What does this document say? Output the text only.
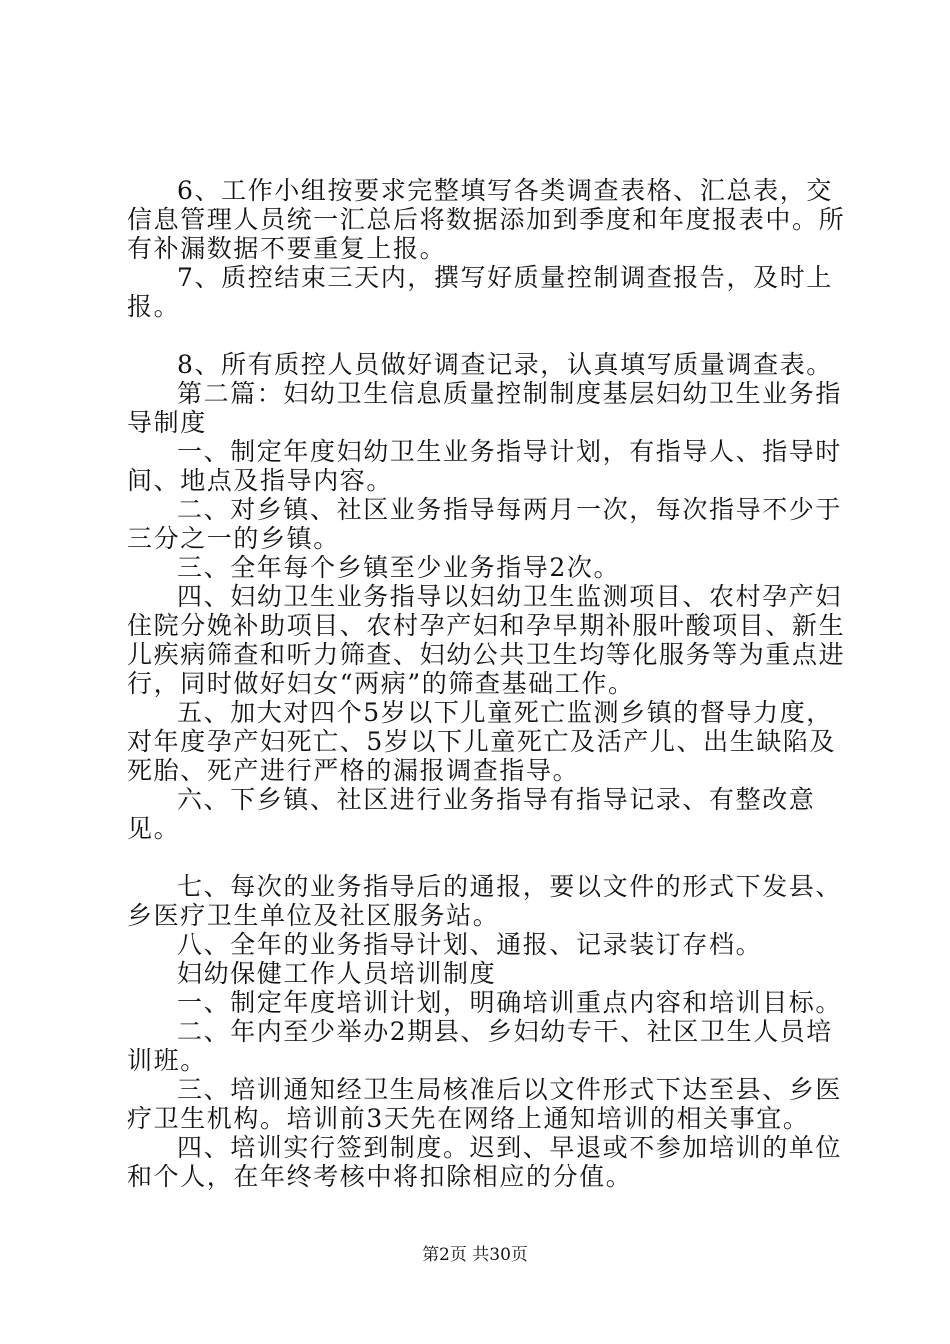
6、工作小组按要求完整填写各类调查表格、汇总表，交信息管理人员统一汇总后将数据添加到季度和年度报表中。所有补漏数据不要重复上报。

7、质控结束三天内，撰写好质量控制调查报告，及时上报。

8、所有质控人员做好调查记录，认真填写质量调查表。

第二篇：妇幼卫生信息质量控制制度基层妇幼卫生业务指导制度

一、制定年度妇幼卫生业务指导计划，有指导人、指导时间、地点及指导内容。

二、对乡镇、社区业务指导每两月一次，每次指导不少于三分之一的乡镇。

三、全年每个乡镇至少业务指导2次。

四、妇幼卫生业务指导以妇幼卫生监测项目、农村孕产妇住院分娩补助项目、农村孕产妇和孕早期补服叶酸项目、新生儿疾病筛查和听力筛查、妇幼公共卫生均等化服务等为重点进行，同时做好妇女“两病”的筛查基础工作。

五、加大对四个5岁以下儿童死亡监测乡镇的督导力度，对年度孕产妇死亡、5岁以下儿童死亡及活产儿、出生缺陷及死胎、死产进行严格的漏报调查指导。

六、下乡镇、社区进行业务指导有指导记录、有整改意见。

七、每次的业务指导后的通报，要以文件的形式下发县、乡医疗卫生单位及社区服务站。

八、全年的业务指导计划、通报、记录装订存档。

妇幼保健工作人员培训制度

一、制定年度培训计划，明确培训重点内容和培训目标。

二、年内至少举办2期县、乡妇幼专干、社区卫生人员培训班。

三、培训通知经卫生局核准后以文件形式下达至县、乡医疗卫生机构。培训前3天先在网络上通知培训的相关事宜。

四、培训实行签到制度。迟到、早退或不参加培训的单位和个人，在年终考核中将扣除相应的分值。

第2页 共30页
